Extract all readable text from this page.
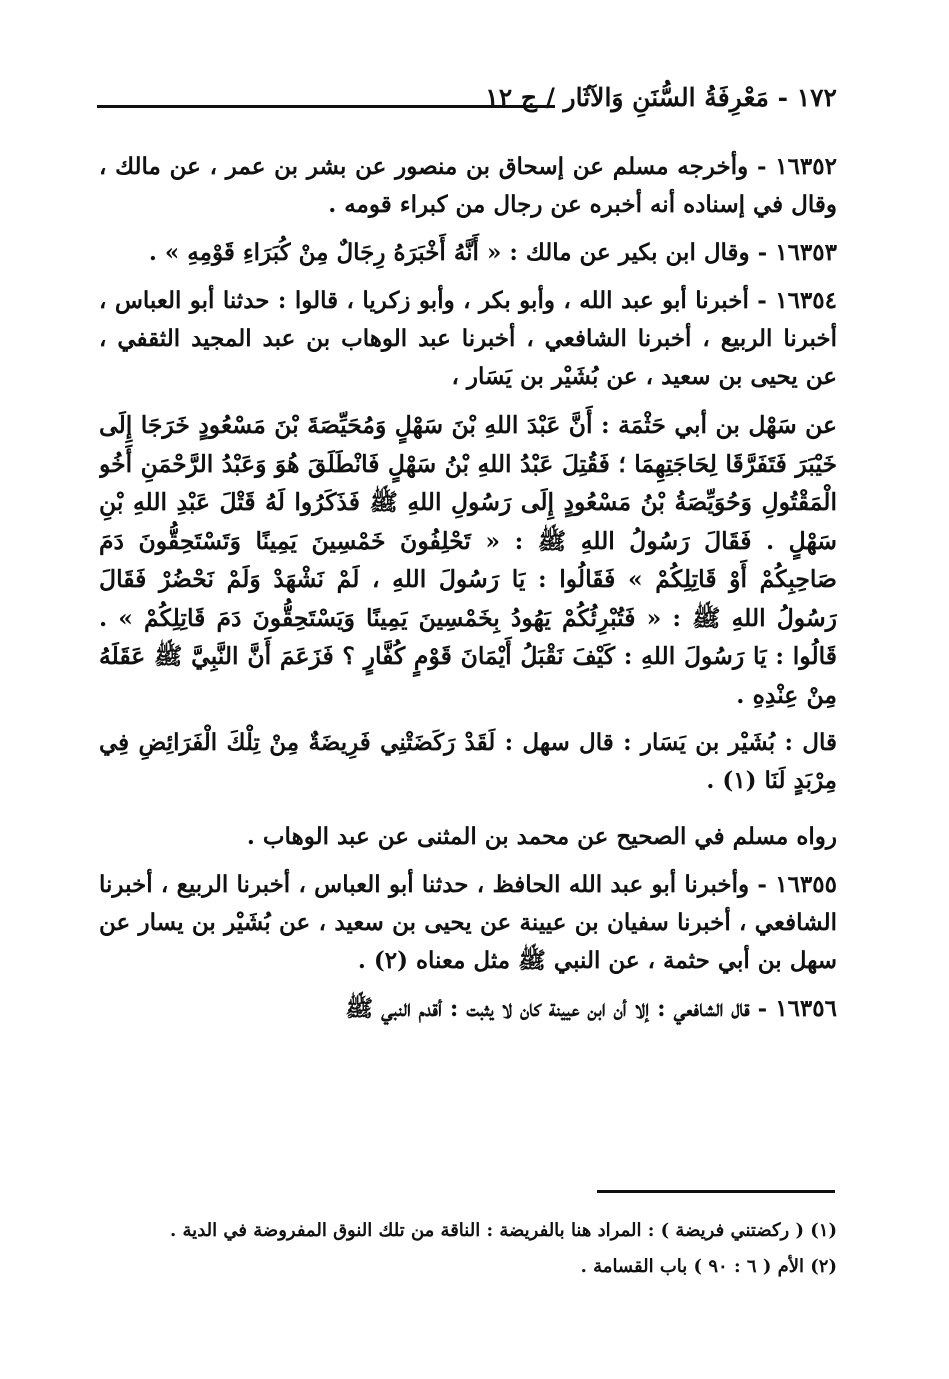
١٧٢ - مَعْرِفَةُ السُّنَنِ وَالآثَار / ج ١٢

١٦٣٥٢ - وأخرجه مسلم عن إسحاق بن منصور عن بشر بن عمر ، عن مالك ، وقال في إسناده أنه أخبره عن رجال من كبراء قومه .

١٦٣٥٣ - وقال ابن بكير عن مالك : « أَنَّهُ أَخْبَرَهُ رِجَالٌ مِنْ كُبَرَاءِ قَوْمِهِ » .

١٦٣٥٤ - أخبرنا أبو عبد الله ، وأبو بكر ، وأبو زكريا ، قالوا : حدثنا أبو العباس ، أخبرنا الربيع ، أخبرنا الشافعي ، أخبرنا عبد الوهاب بن عبد المجيد الثقفي ، عن يحيى بن سعيد ، عن بُشَيْر بن يَسَار ،

عن سَهْل بن أبي حَثْمَة : أَنَّ عَبْدَ اللهِ بْنَ سَهْلٍ وَمُحَيِّصَةَ بْنَ مَسْعُودٍ خَرَجَا إِلَى خَيْبَرَ فَتَفَرَّقَا لِحَاجَتِهِمَا ؛ فَقُتِلَ عَبْدُ اللهِ بْنُ سَهْلٍ فَانْطَلَقَ هُوَ وَعَبْدُ الرَّحْمَنِ أَخُو الْمَقْتُولِ وَحُوَيِّصَةُ بْنُ مَسْعُودٍ إِلَى رَسُولِ اللهِ ﷺ فَذَكَرُوا لَهُ قَتْلَ عَبْدِ اللهِ بْنِ سَهْلٍ . فَقَالَ رَسُولُ اللهِ ﷺ : « تَحْلِفُونَ خَمْسِينَ يَمِينًا وَتَسْتَحِقُّونَ دَمَ صَاحِبِكُمْ أَوْ قَاتِلِكُمْ » فَقَالُوا : يَا رَسُولَ اللهِ ، لَمْ نَشْهَدْ وَلَمْ نَحْضُرْ فَقَالَ رَسُولُ اللهِ ﷺ : « فَتُبْرِئُكُمْ يَهُودُ بِخَمْسِينَ يَمِينًا وَيَسْتَحِقُّونَ دَمَ قَاتِلِكُمْ » . قَالُوا : يَا رَسُولَ اللهِ : كَيْفَ نَقْبَلُ أَيْمَانَ قَوْمٍ كُفَّارٍ ؟ فَزَعَمَ أَنَّ النَّبِيَّ ﷺ عَقَلَهُ مِنْ عِنْدِهِ .

قال : بُشَيْر بن يَسَار : قال سهل : لَقَدْ رَكَضَتْنِي فَرِيضَةٌ مِنْ تِلْكَ الْفَرَائِضِ فِي مِرْبَدٍ لَنَا (١) .

رواه مسلم في الصحيح عن محمد بن المثنى عن عبد الوهاب .

١٦٣٥٥ - وأخبرنا أبو عبد الله الحافظ ، حدثنا أبو العباس ، أخبرنا الربيع ، أخبرنا الشافعي ، أخبرنا سفيان بن عيينة عن يحيى بن سعيد ، عن بُشَيْر بن يسار عن سهل بن أبي حثمة ، عن النبي ﷺ مثل معناه (٢) .

١٦٣٥٦ - قال الشافعي : إلا أن ابن عيينة كان لا يثبت : أقدم النبي ﷺ

(١) ( ركضتني فريضة ) : المراد هنا بالفريضة : الناقة من تلك النوق المفروضة في الدية .

(٢) الأم ( ٦ : ٩٠ ) باب القسامة .
